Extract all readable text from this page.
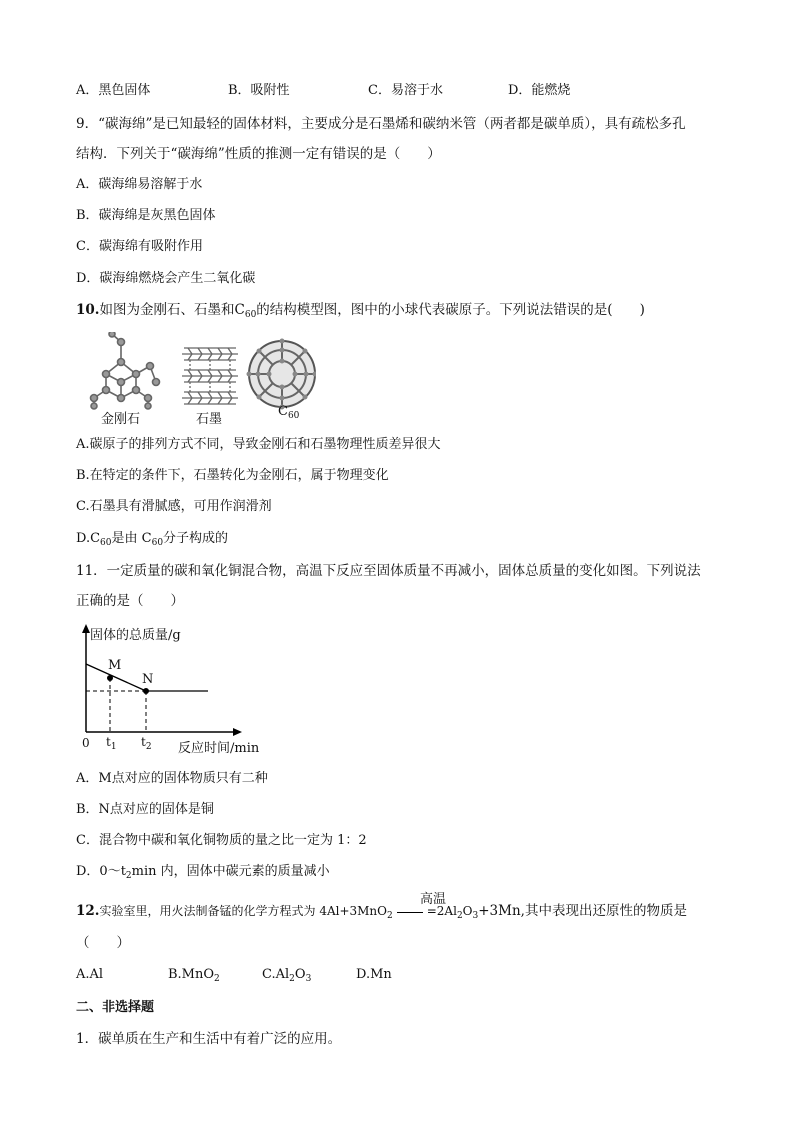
A．黑色固体	B．吸附性	C．易溶于水	D．能燃烧
9．“碳海绵”是已知最轻的固体材料，主要成分是石墨烯和碳纳米管（两者都是碳单质），具有疏松多孔
结构．下列关于“碳海绵”性质的推测一定有错误的是（　　）
A．碳海绵易溶解于水
B．碳海绵是灰黑色固体
C．碳海绵有吸附作用
D．碳海绵燃烧会产生二氧化碳
10.如图为金刚石、石墨和$C_{60}$的结构模型图，图中的小球代表碳原子。下列说法错误的是(　　)
金刚石	石墨
$C_{60}$
A.碳原子的排列方式不同，导致金刚石和石墨物理性质差异很大
B.在特定的条件下，石墨转化为金刚石，属于物理变化
C.石墨具有滑腻感，可用作润滑剂
$D.C_{60}$是由 $C_{60}$分子构成的
11．一定质量的碳和氧化铜混合物，高温下反应至固体质量不再减小，固体总质量的变化如图。下列说法
正确的是（　　）
固体的总质量/g
M
N
0 $t_1$ $t_2$ 反应时间/min
A．M点对应的固体物质只有二种
B．N点对应的固体是铜
C．混合物中碳和氧化铜物质的量之比一定为 1：2
D．$0\sim t_2\min$ 内，固体中碳元素的质量减小
高温
12.实验室里，用火法制备锰的化学方程式为 4Al+3MnO$_2$	$=2Al_2O_3+3Mn$,其中表现出还原性的物质是
（　　）
A.Al	B.MnO$_2$	$C.Al_2O_3$	D.Mn
二、非选择题
1．碳单质在生产和生活中有着广泛的应用。
